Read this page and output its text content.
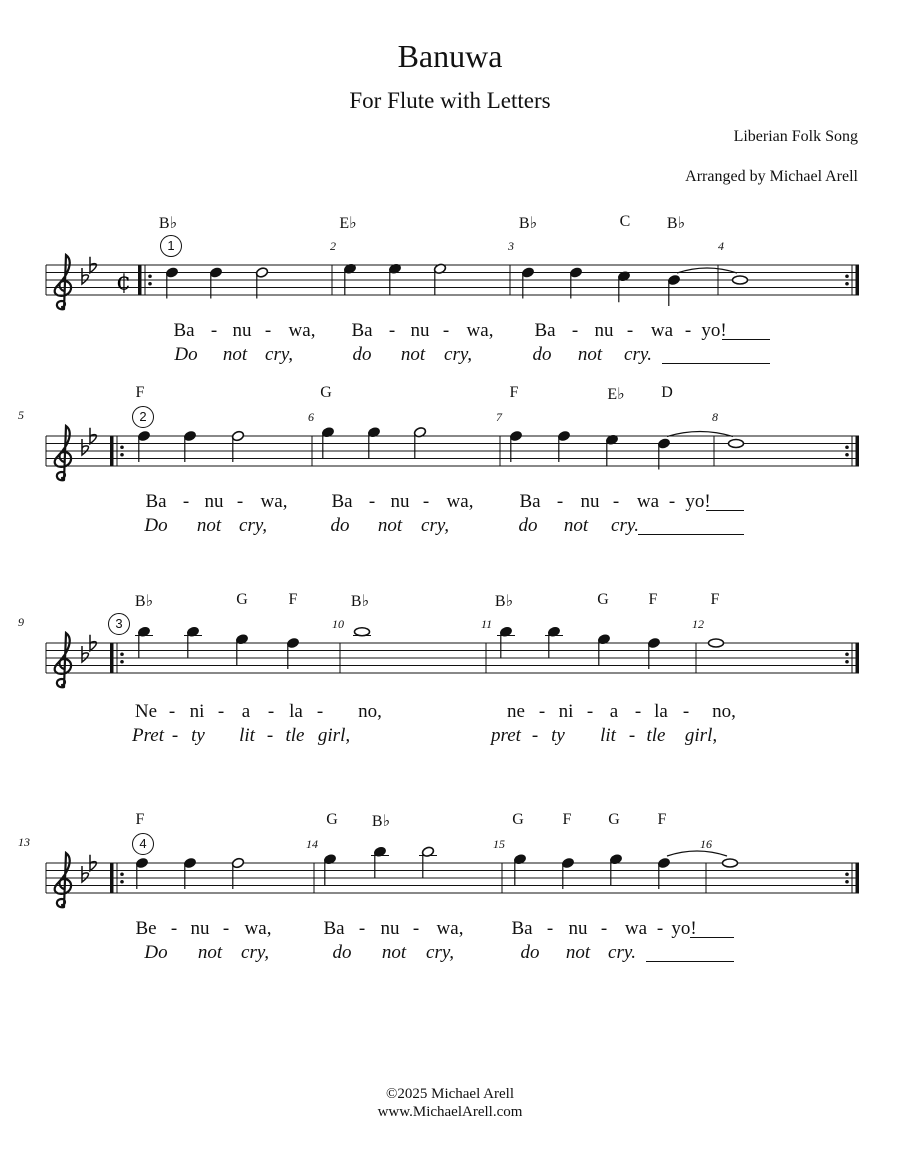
Banuwa
For Flute with Letters
Liberian Folk Song
Arranged by Michael Arell
¢
1	2	3	4
B♭	E♭	B♭	C B♭
Ba - nu - wa, Ba - nu - wa, Ba - nu - wa - yo!
Do not cry,	do not cry,	do not cry.
5	2	6	7	8
F	G	F	E♭ D
Ba - nu - wa, Ba - nu - wa, Ba - nu - wa - yo!
Do not cry,	do not cry,	do not cry.
9	3	10	11	12
B♭	G	F	B♭	B♭	G F	F
Ne - ni - a - la - no,	ne - ni - a - la - no,
Pret - ty lit - tle girl,	pret - ty lit - tle girl,
13	4	14	15	16
F	G B♭	G F G F
Be - nu - wa,	Ba - nu - wa,	Ba - nu - wa - yo!
Do not cry,	do not cry,	do not cry.
©2025 Michael Arell
www.MichaelArell.com
